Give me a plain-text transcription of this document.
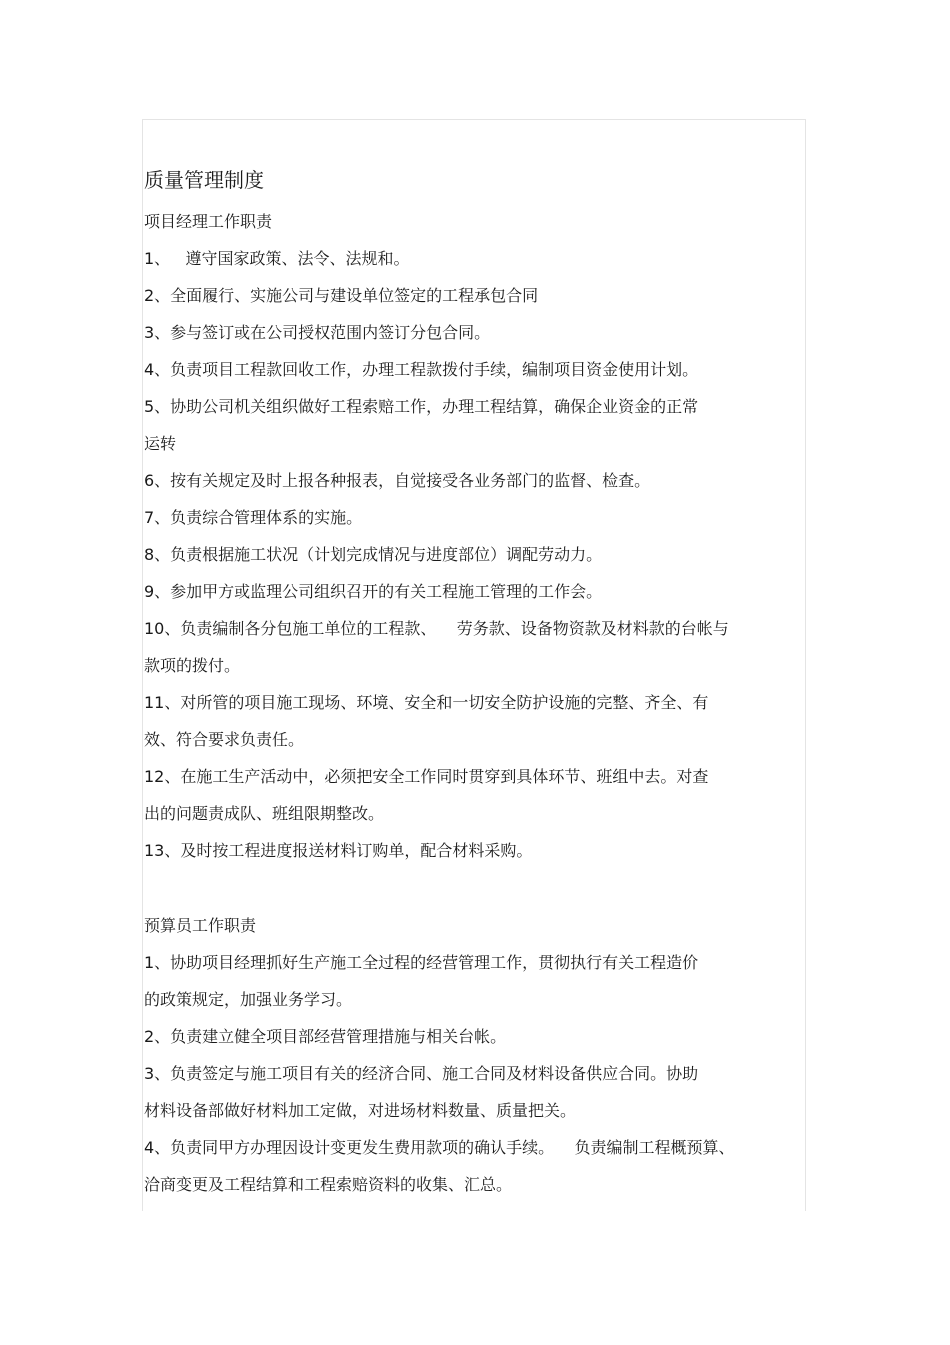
质量管理制度
项目经理工作职责

1、   遵守国家政策、法令、法规和。

2、全面履行、实施公司与建设单位签定的工程承包合同

3、参与签订或在公司授权范围内签订分包合同。

4、负责项目工程款回收工作，办理工程款拨付手续，编制项目资金使用计划。

5、协助公司机关组织做好工程索赔工作，办理工程结算，确保企业资金的正常

运转

6、按有关规定及时上报各种报表，自觉接受各业务部门的监督、检查。

7、负责综合管理体系的实施。

8、负责根据施工状况（计划完成情况与进度部位）调配劳动力。

9、参加甲方或监理公司组织召开的有关工程施工管理的工作会。

10、负责编制各分包施工单位的工程款、    劳务款、设备物资款及材料款的台帐与

款项的拨付。

11、对所管的项目施工现场、环境、安全和一切安全防护设施的完整、齐全、有

效、符合要求负责任。

12、在施工生产活动中，必须把安全工作同时贯穿到具体环节、班组中去。对查

出的问题责成队、班组限期整改。

13、及时按工程进度报送材料订购单，配合材料采购。

预算员工作职责

1、协助项目经理抓好生产施工全过程的经营管理工作，贯彻执行有关工程造价

的政策规定，加强业务学习。

2、负责建立健全项目部经营管理措施与相关台帐。

3、负责签定与施工项目有关的经济合同、施工合同及材料设备供应合同。协助

材料设备部做好材料加工定做，对进场材料数量、质量把关。

4、负责同甲方办理因设计变更发生费用款项的确认手续。    负责编制工程概预算、

洽商变更及工程结算和工程索赔资料的收集、汇总。
